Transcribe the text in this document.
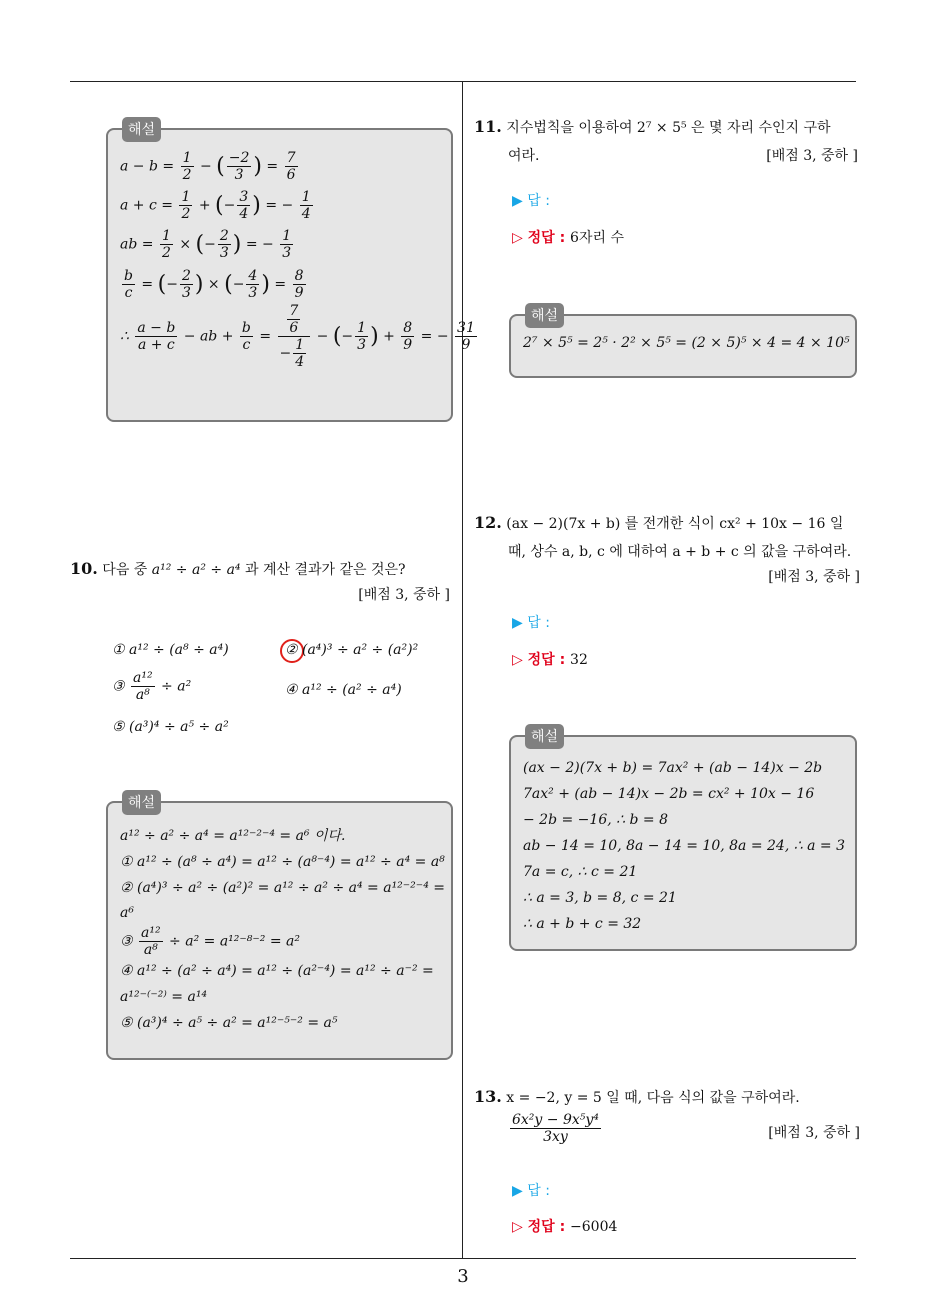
3
해설
$a - b = \frac{1}{2}$ − ( $\frac{-2}{3}$ ) = $\frac{7}{6}$
$a + c = \frac{1}{2}$ + (− $\frac{3}{4}$ ) = − $\frac{1}{4}$
ab = $\frac{1}{2}$ × (− $\frac{2}{3}$ ) = − $\frac{1}{3}$
$\frac{b}{c}$ = (− $\frac{2}{3}$ ) × (− $\frac{4}{3}$ ) = $\frac{8}{9}$
∴ $\frac{a - b}{a + c}$ − ab + $\frac{b}{c} = \frac{\frac{7}{6}}{- \frac{1}{4}}$ − (− $\frac{1}{3}$ ) + $\frac{8}{9}$ = − $\frac{31}{9}$
10. 다음 중 a¹² ÷ a² ÷ a⁴ 과 계산 결과가 같은 것은?
[배점 3, 중하 ]
① a¹² ÷ (a⁸ ÷ a⁴)	② (a⁴)³ ÷ a² ÷ (a²)²
③ $\frac{\text{a¹²}}{\text{a⁸}} \div a^2$	④ a¹² ÷ (a² ÷ a⁴)
⑤ (a³)⁴ ÷ a⁵ ÷ a²
해설
a¹² ÷ a² ÷ a⁴ = a¹²⁻²⁻⁴ = a⁶ 이다.
① a¹² ÷ (a⁸ ÷ a⁴) = a¹² ÷ (a⁸⁻⁴) = a¹² ÷ a⁴ = a⁸
② (a⁴)³ ÷ a² ÷ (a²)² = a¹² ÷ a² ÷ a⁴ = a¹²⁻²⁻⁴ =
a⁶
③ $\frac{\text{a¹²}}{\text{a⁸}} \div a^2 = a^{12-8-2} = a^2$
④ a¹² ÷ (a² ÷ a⁴) = a¹² ÷ (a²⁻⁴) = a¹² ÷ a⁻² =
a¹²⁻⁽⁻²⁾ = a¹⁴
⑤ (a³)⁴ ÷ a⁵ ÷ a² = a¹²⁻⁵⁻² = a⁵
11. 지수법칙을 이용하여 2⁷ × 5⁵ 은 몇 자리 수인지 구하
여라.	[배점 3, 중하 ]
▶ 답 :
▷ 정답 : 6자리 수
해설
2⁷ × 5⁵ = 2⁵ · 2² × 5⁵ = (2 × 5)⁵ × 4 = 4 × 10⁵
12. (ax − 2)(7x + b) 를 전개한 식이 cx² + 10x − 16 일
때, 상수 a, b, c 에 대하여 a + b + c 의 값을 구하여라.
[배점 3, 중하 ]
▶ 답 :
▷ 정답 : 32
해설
(ax − 2)(7x + b) = 7ax² + (ab − 14)x − 2b
7ax² + (ab − 14)x − 2b = cx² + 10x − 16
− 2b = −16, ∴ b = 8
ab − 14 = 10, 8a − 14 = 10, 8a = 24, ∴ a = 3
7a = c, ∴ c = 21
∴ a = 3, b = 8, c = 21
∴ a + b + c = 32
13. x = −2, y = 5 일 때, 다음 식의 값을 구하여라.
$\frac{\text{6x²y − 9x⁵y⁴}}{3xy}$	[배점 3, 중하 ]
▶ 답 :
▷ 정답 : −6004
